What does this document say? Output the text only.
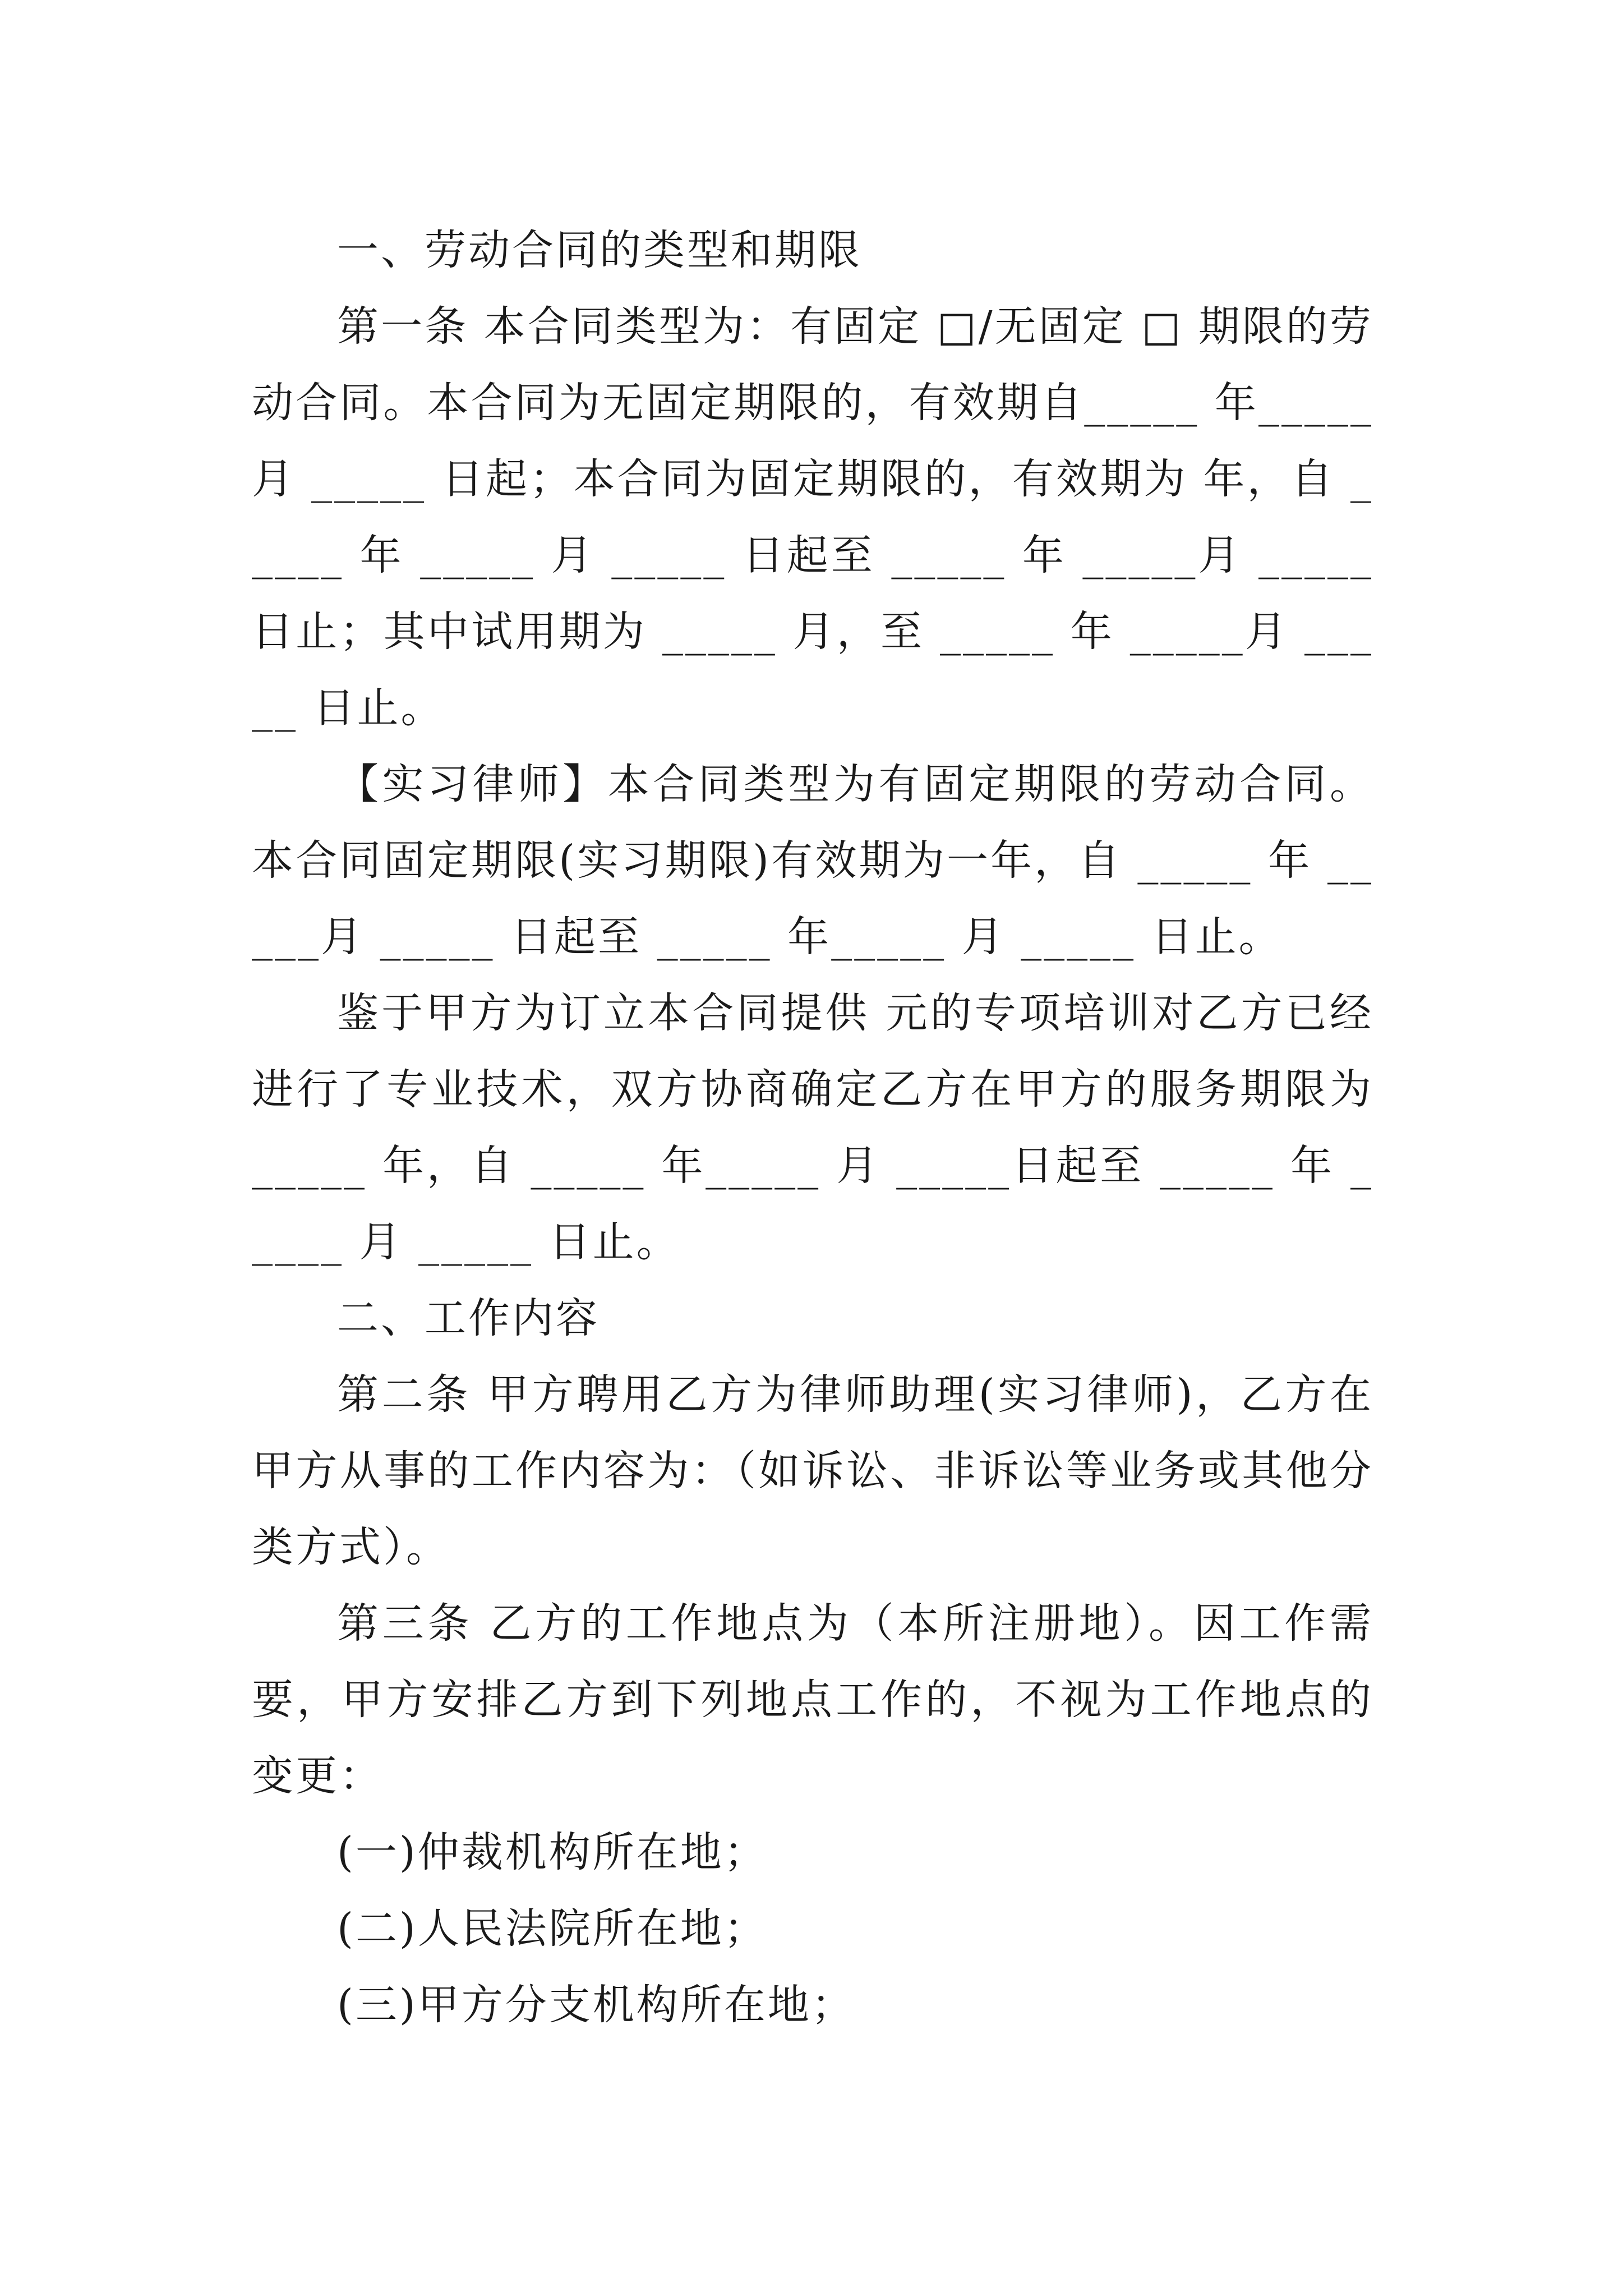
一、劳动合同的类型和期限

第一条 本合同类型为：有固定 □/无固定 □ 期限的劳动合同。本合同为无固定期限的，有效期自_____ 年_____月 _____ 日起；本合同为固定期限的，有效期为 年，自 _____ 年 _____ 月 _____ 日起至 _____ 年 _____月 _____ 日止；其中试用期为 _____ 月，至 _____ 年 _____月 _____ 日止。

【实习律师】本合同类型为有固定期限的劳动合同。本合同固定期限(实习期限)有效期为一年，自 _____ 年 _____月 _____ 日起至 _____ 年_____ 月 _____ 日止。

鉴于甲方为订立本合同提供 元的专项培训对乙方已经进行了专业技术，双方协商确定乙方在甲方的服务期限为 _____ 年，自 _____ 年_____ 月 _____日起至 _____ 年 _____ 月 _____ 日止。

二、工作内容

第二条 甲方聘用乙方为律师助理(实习律师)，乙方在甲方从事的工作内容为：（如诉讼、非诉讼等业务或其他分类方式）。

第三条 乙方的工作地点为（本所注册地）。因工作需要，甲方安排乙方到下列地点工作的，不视为工作地点的变更：

(一)仲裁机构所在地；

(二)人民法院所在地；

(三)甲方分支机构所在地；
